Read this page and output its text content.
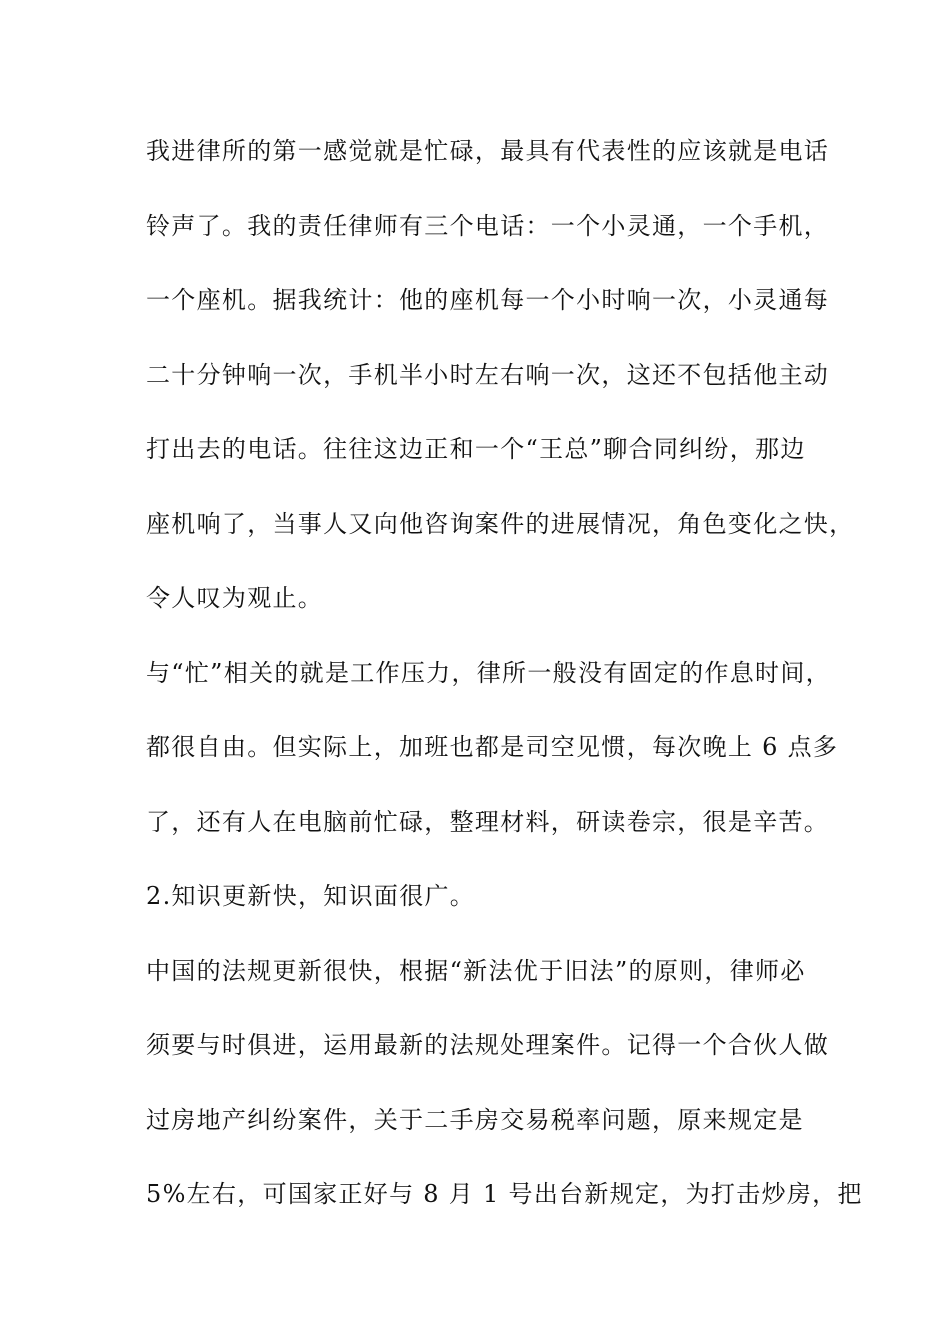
我进律所的第一感觉就是忙碌，最具有代表性的应该就是电话
铃声了。我的责任律师有三个电话：一个小灵通，一个手机，
一个座机。据我统计：他的座机每一个小时响一次，小灵通每
二十分钟响一次，手机半小时左右响一次，这还不包括他主动
打出去的电话。往往这边正和一个“王总”聊合同纠纷，那边
座机响了，当事人又向他咨询案件的进展情况，角色变化之快，
令人叹为观止。
与“忙”相关的就是工作压力，律所一般没有固定的作息时间，
都很自由。但实际上，加班也都是司空见惯，每次晚上 6 点多
了，还有人在电脑前忙碌，整理材料，研读卷宗，很是辛苦。
2.知识更新快，知识面很广。
中国的法规更新很快，根据“新法优于旧法”的原则，律师必
须要与时俱进，运用最新的法规处理案件。记得一个合伙人做
过房地产纠纷案件，关于二手房交易税率问题，原来规定是
5%左右，可国家正好与 8 月 1 号出台新规定，为打击炒房，把
